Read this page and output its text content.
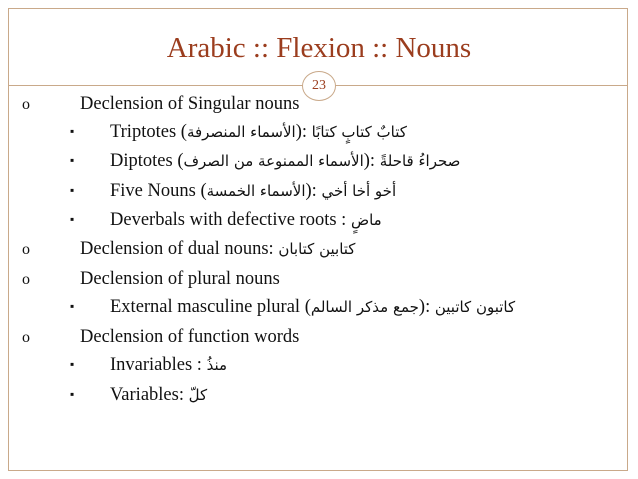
Arabic :: Flexion :: Nouns
23
o	Declension of Singular nouns
▪ Triptotes (الأسماء المنصرفة): كتابٌ كتابٍ كتابًا
▪ Diptotes (الأسماء الممنوعة من الصرف): صحراءُ قاحلةً
▪ Five Nouns (الأسماء الخمسة): أخو أخا أخي
▪ Deverbals with defective roots : ماضٍ
o	Declension of dual nouns: كتابين كتابان
o	Declension of plural nouns
▪ External masculine plural (جمع مذكر السالم): كاتبون كاتبين
o	Declension of function words
▪ Invariables : منذُ
▪ Variables: كلّ
